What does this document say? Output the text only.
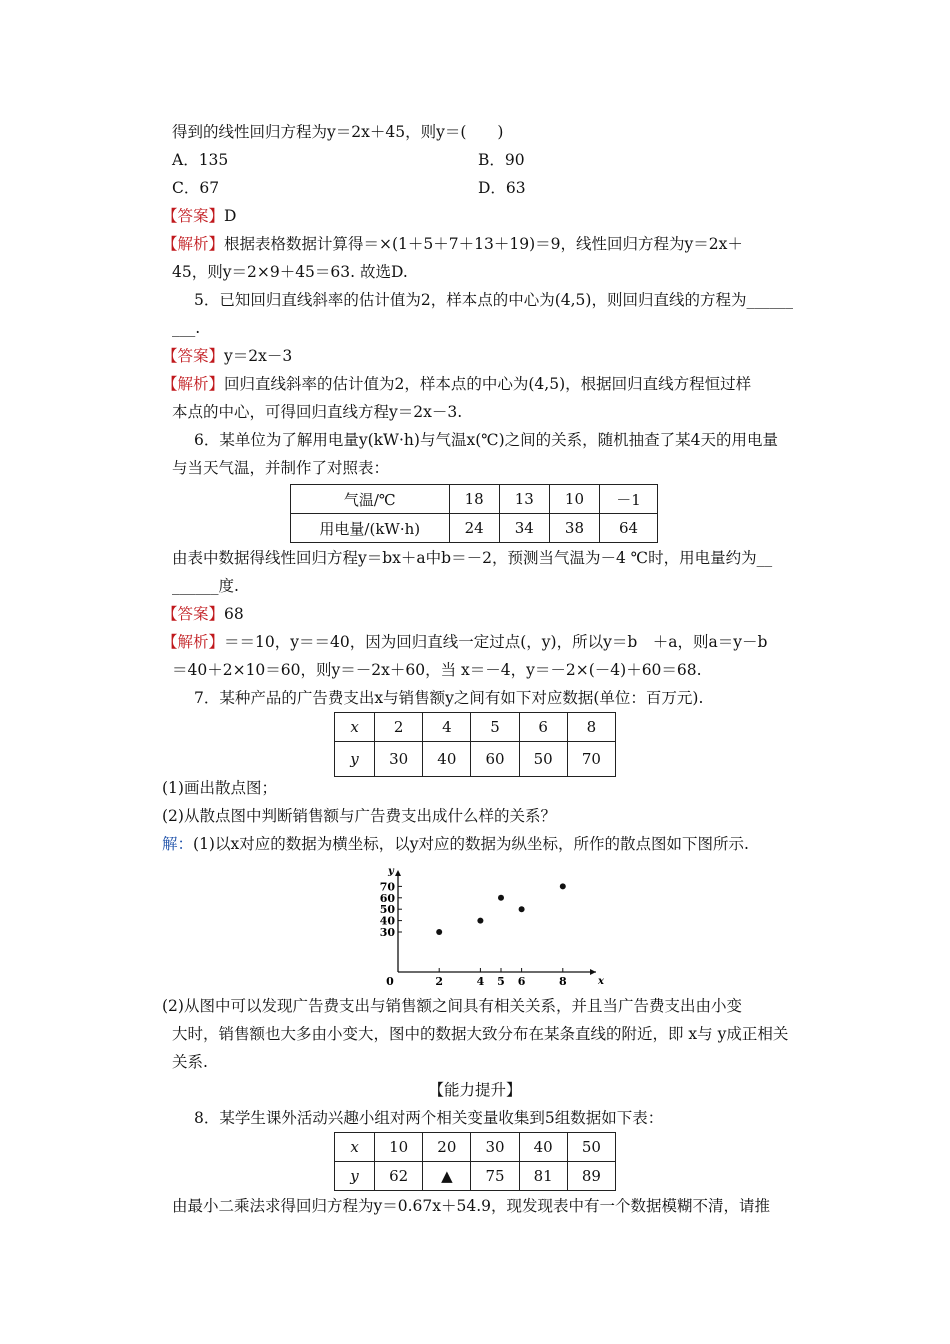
得到的线性回归方程为y＝2x＋45，则y＝(　　)
A．135	B．90
C．67	D．63
【答案】D
【解析】根据表格数据计算得＝×(1＋5＋7＋13＋19)＝9，线性回归方程为y＝2x＋
45，则y＝2×9＋45＝63. 故选D.
5．已知回归直线斜率的估计值为2，样本点的中心为(4,5)，则回归直线的方程为______
___.
【答案】y＝2x－3
【解析】回归直线斜率的估计值为2，样本点的中心为(4,5)，根据回归直线方程恒过样
本点的中心，可得回归直线方程y＝2x－3.
6．某单位为了解用电量y(kW·h)与气温x(℃)之间的关系，随机抽查了某4天的用电量
与当天气温，并制作了对照表：
气温/℃	18	13	10	－1
用电量/(kW·h)	24	34	38	64
由表中数据得线性回归方程y＝bx＋a中b＝－2，预测当气温为－4 ℃时，用电量约为__
______度.
【答案】68
【解析】＝＝10，y＝＝40，因为回归直线一定过点(，y)，所以y＝b　＋a，则a＝y－b
＝40＋2×10＝60，则y＝－2x＋60，当 x＝－4，y＝－2×(－4)＋60＝68.
7．某种产品的广告费支出x与销售额y之间有如下对应数据(单位：百万元).
x	2	4	5	6	8
y	30	40	60	50	70
(1)画出散点图；
(2)从散点图中判断销售额与广告费支出成什么样的关系？
解：(1)以x对应的数据为横坐标，以y对应的数据为纵坐标，所作的散点图如下图所示.
30
40
50
60
70
0	2	4 5 6	8
y
x
(2)从图中可以发现广告费支出与销售额之间具有相关关系，并且当广告费支出由小变
大时，销售额也大多由小变大，图中的数据大致分布在某条直线的附近，即 x与 y成正相关
关系.
【能力提升】
8．某学生课外活动兴趣小组对两个相关变量收集到5组数据如下表：
x	10	20	30	40	50
y	62	▲	75	81	89
由最小二乘法求得回归方程为y＝0.67x＋54.9，现发现表中有一个数据模糊不清，请推
